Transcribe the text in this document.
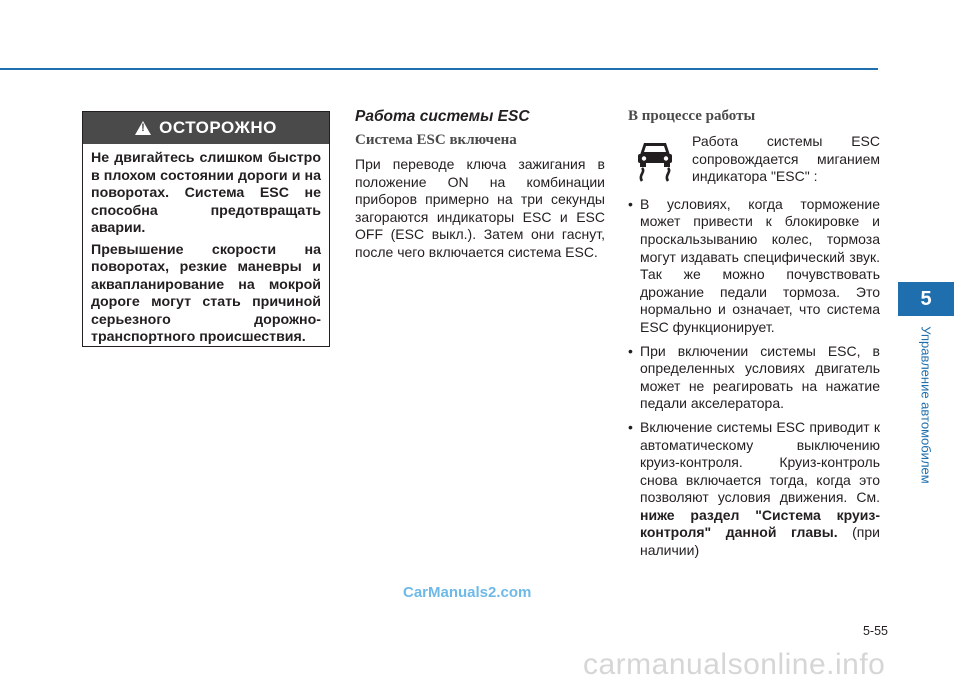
!
ОСТОРОЖНО

Не двигайтесь слишком быстро в плохом состоянии дороги и на поворотах. Система ESC не способна предотвращать аварии.

Превышение скорости на поворотах, резкие маневры и аквапланирование на мокрой дороге могут стать причиной серьезного дорожно-транспортного происшествия.

Работа системы ESC
Система ESC включена

При переводе ключа зажигания в положение ON на комбинации приборов примерно на три секунды загораются индикаторы ESC и ESC OFF (ESC выкл.). Затем они гаснут, после чего включается система ESC.

В процессе работы
Работа системы ESC сопровождается миганием индикатора "ESC" :
• В условиях, когда торможение может привести к блокировке и проскальзыванию колес, тормоза могут издавать специфический звук. Так же можно почувствовать дрожание педали тормоза. Это нормально и означает, что система ESC функционирует.
• При включении системы ESC, в определенных условиях двигатель может не реагировать на нажатие педали акселератора.
• Включение системы ESC приводит к автоматическому выключению круиз-контроля. Круиз-контроль снова включается тогда, когда это позволяют условия движения. См. ниже раздел "Система круиз-контроля" данной главы. (при наличии)
5
Управление автомобилем
5-55
CarManuals2.com
carmanualsonline.info
